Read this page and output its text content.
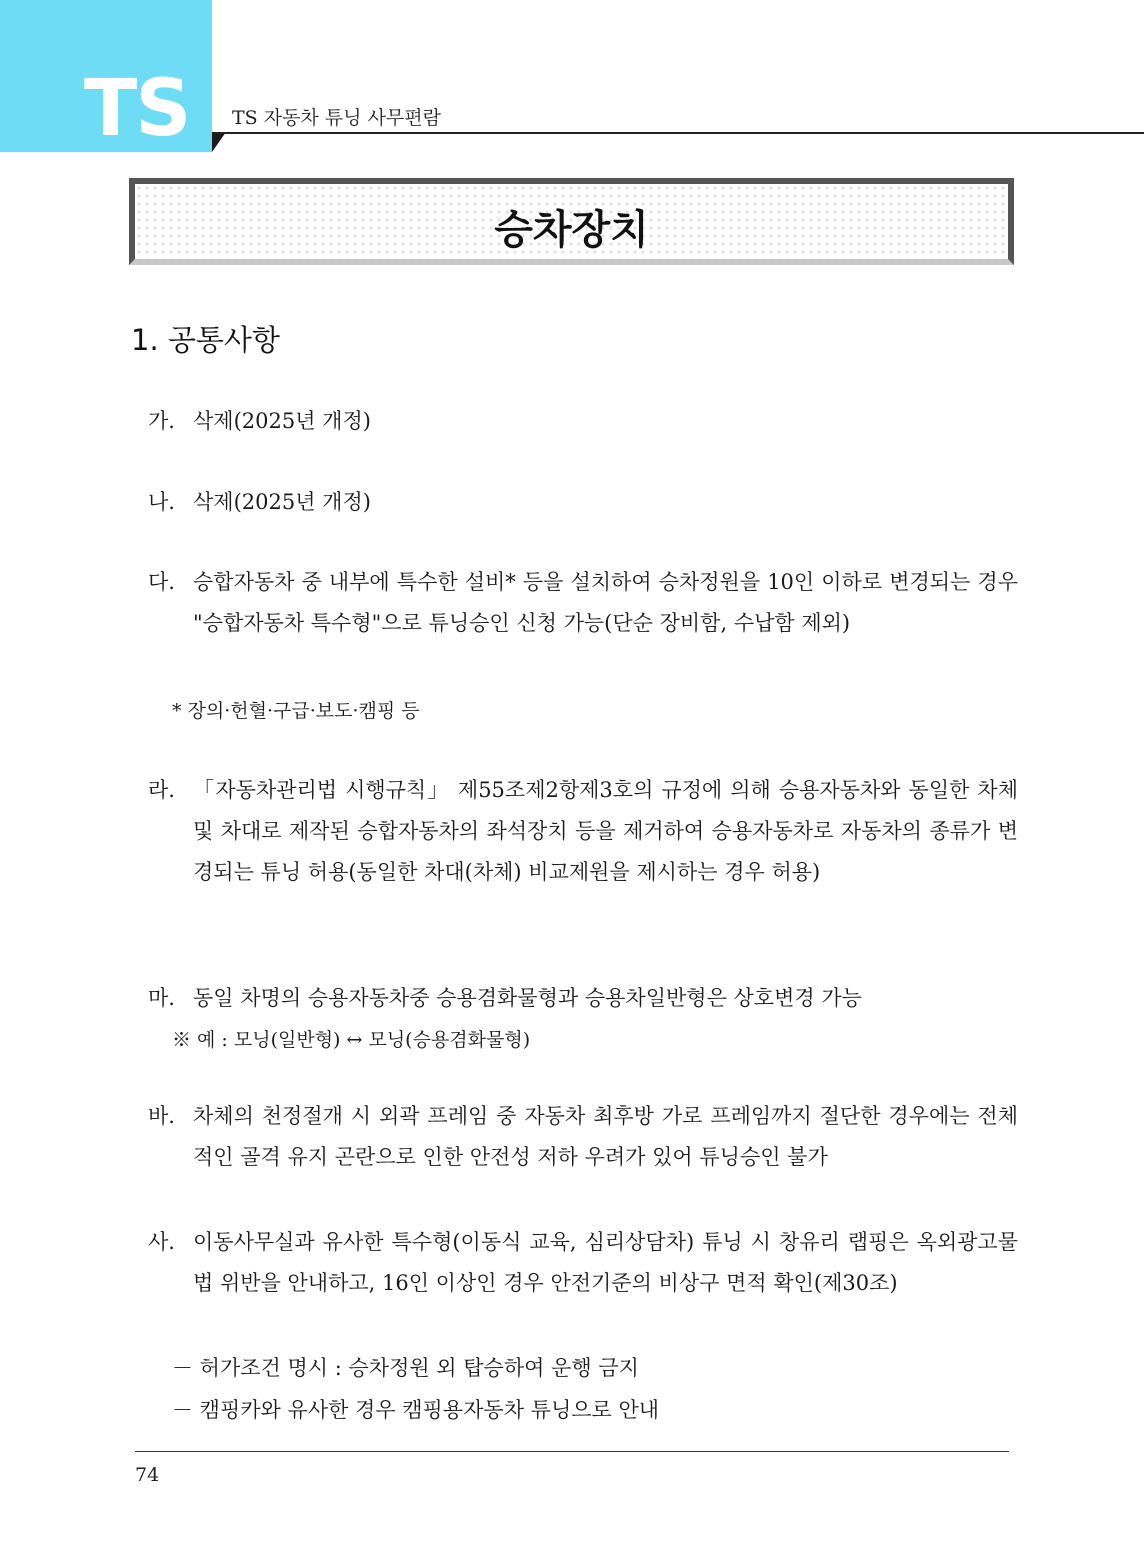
TS TS 자동차 튜닝 사무편람
승차장치
1. 공통사항
가. 삭제(2025년 개정)
나. 삭제(2025년 개정)
다. 승합자동차 중 내부에 특수한 설비* 등을 설치하여 승차정원을 10인 이하로 변경되는 경우 "승합자동차 특수형"으로 튜닝승인 신청 가능(단순 장비함, 수납함 제외)
* 장의·헌혈·구급·보도·캠핑 등
라. 「자동차관리법 시행규칙」 제55조제2항제3호의 규정에 의해 승용자동차와 동일한 차체 및 차대로 제작된 승합자동차의 좌석장치 등을 제거하여 승용자동차로 자동차의 종류가 변경되는 튜닝 허용(동일한 차대(차체) 비교제원을 제시하는 경우 허용)
마. 동일 차명의 승용자동차중 승용겸화물형과 승용차일반형은 상호변경 가능
※ 예 : 모닝(일반형) ↔ 모닝(승용겸화물형)
바. 차체의 천정절개 시 외곽 프레임 중 자동차 최후방 가로 프레임까지 절단한 경우에는 전체적인 골격 유지 곤란으로 인한 안전성 저하 우려가 있어 튜닝승인 불가
사. 이동사무실과 유사한 특수형(이동식 교육, 심리상담차) 튜닝 시 창유리 랩핑은 옥외광고물법 위반을 안내하고, 16인 이상인 경우 안전기준의 비상구 면적 확인(제30조)
－ 허가조건 명시 : 승차정원 외 탑승하여 운행 금지
－ 캠핑카와 유사한 경우 캠핑용자동차 튜닝으로 안내
74
